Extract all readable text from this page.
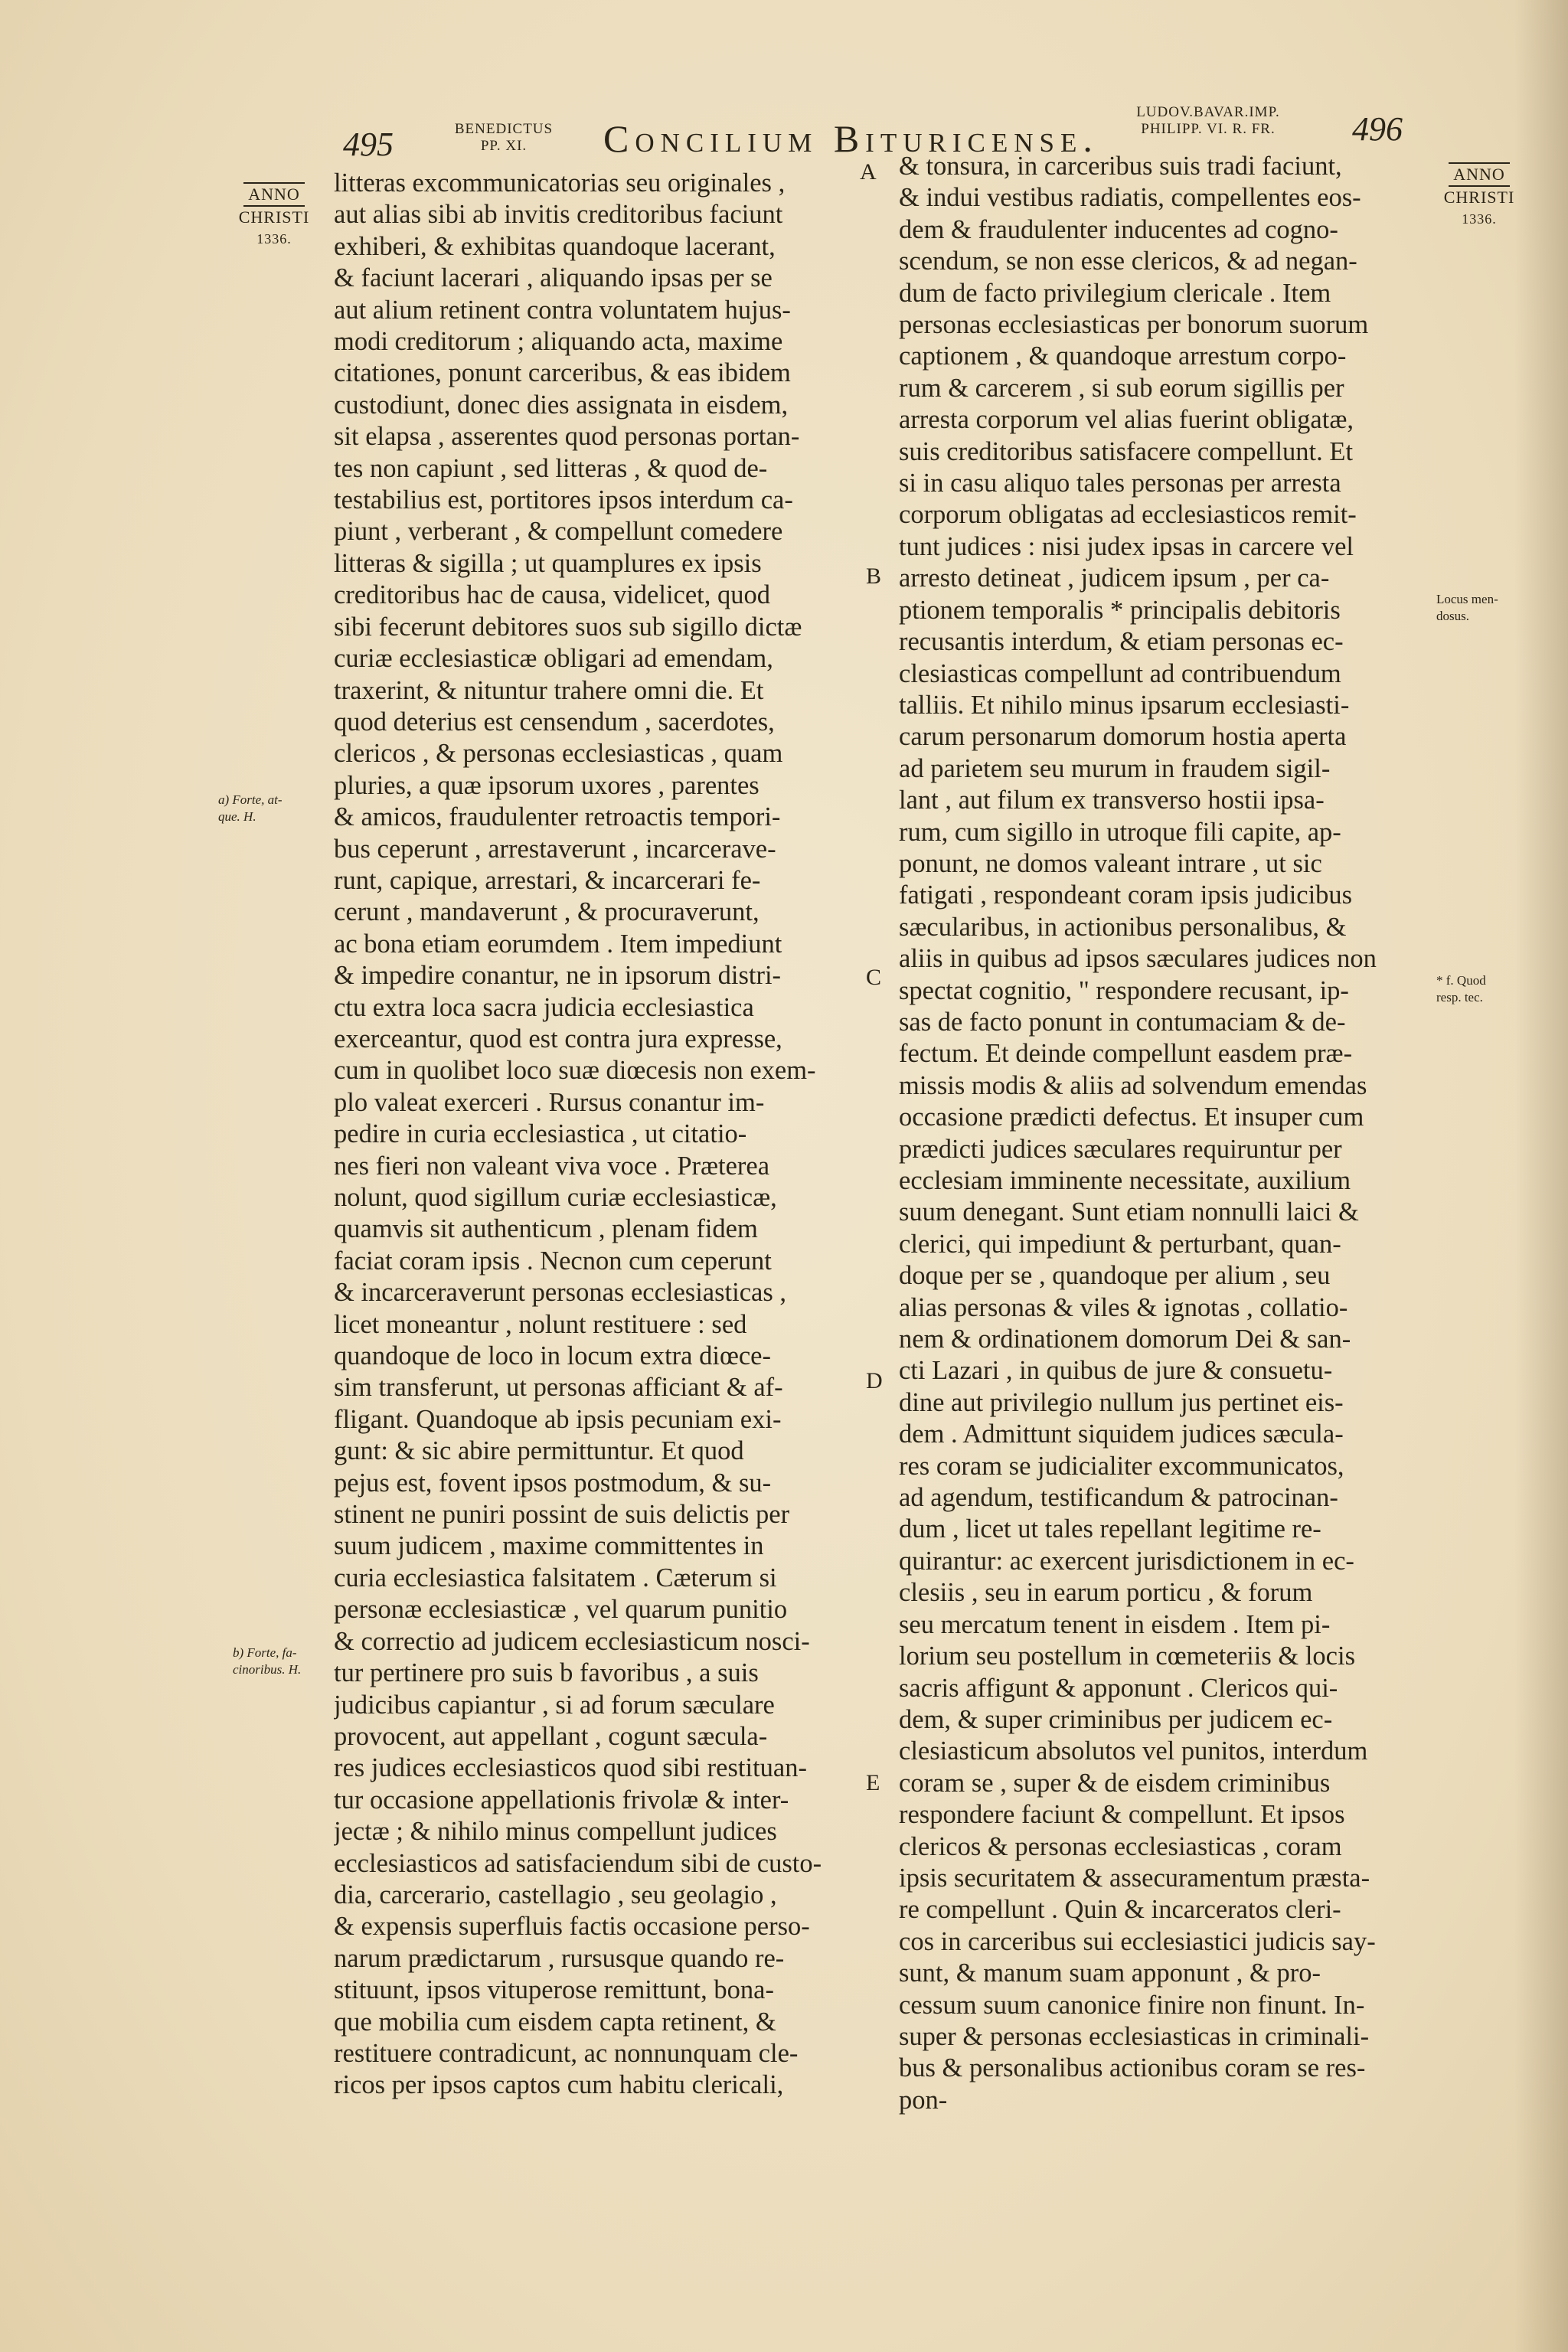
495	BENEDICTUS
PP. XI.	Concilium Bituricense.
LUDOV.BAVAR.IMP.
PHILIPP. VI. R. FR.	496
ANNO
CHRISTI
1336.
a) Forte, at-
que. H.
b) Forte, fa-
cinoribus. H.
A
B
C
D
E

litteras excommunicatorias seu originales ,

aut alias sibi ab invitis creditoribus faciunt

exhiberi, & exhibitas quandoque lacerant,

& faciunt lacerari , aliquando ipsas per se

aut alium retinent contra voluntatem hujus-

modi creditorum ; aliquando acta, maxime

citationes, ponunt carceribus, & eas ibidem

custodiunt, donec dies assignata in eisdem,

sit elapsa , asserentes quod personas portan-

tes non capiunt , sed litteras , & quod de-

testabilius est, portitores ipsos interdum ca-

piunt , verberant , & compellunt comedere

litteras & sigilla ; ut quamplures ex ipsis

creditoribus hac de causa, videlicet, quod

sibi fecerunt debitores suos sub sigillo dictæ

curiæ ecclesiasticæ obligari ad emendam,

traxerint, & nituntur trahere omni die. Et

quod deterius est censendum , sacerdotes,

clericos , & personas ecclesiasticas , quam

pluries, a quæ ipsorum uxores , parentes

& amicos, fraudulenter retroactis tempori-

bus ceperunt , arrestaverunt , incarcerave-

runt, capique, arrestari, & incarcerari fe-

cerunt , mandaverunt , & procuraverunt,

ac bona etiam eorumdem . Item impediunt

& impedire conantur, ne in ipsorum distri-

ctu extra loca sacra judicia ecclesiastica

exerceantur, quod est contra jura expresse,

cum in quolibet loco suæ diœcesis non exem-

plo valeat exerceri . Rursus conantur im-

pedire in curia ecclesiastica , ut citatio-

nes fieri non valeant viva voce . Præterea

nolunt, quod sigillum curiæ ecclesiasticæ,

quamvis sit authenticum , plenam fidem

faciat coram ipsis . Necnon cum ceperunt

& incarceraverunt personas ecclesiasticas ,

licet moneantur , nolunt restituere : sed

quandoque de loco in locum extra diœce-

sim transferunt, ut personas afficiant & af-

fligant. Quandoque ab ipsis pecuniam exi-

gunt: & sic abire permittuntur. Et quod

pejus est, fovent ipsos postmodum, & su-

stinent ne puniri possint de suis delictis per

suum judicem , maxime committentes in

curia ecclesiastica falsitatem . Cæterum si

personæ ecclesiasticæ , vel quarum punitio

& correctio ad judicem ecclesiasticum nosci-

tur pertinere pro suis b favoribus , a suis

judicibus capiantur , si ad forum sæculare

provocent, aut appellant , cogunt sæcula-

res judices ecclesiasticos quod sibi restituan-

tur occasione appellationis frivolæ & inter-

jectæ ; & nihilo minus compellunt judices

ecclesiasticos ad satisfaciendum sibi de custo-

dia, carcerario, castellagio , seu geolagio ,

& expensis superfluis factis occasione perso-

narum prædictarum , rursusque quando re-

stituunt, ipsos vituperose remittunt, bona-

que mobilia cum eisdem capta retinent, &

restituere contradicunt, ac nonnunquam cle-

ricos per ipsos captos cum habitu clericali,

& tonsura, in carceribus suis tradi faciunt,

& indui vestibus radiatis, compellentes eos-

dem & fraudulenter inducentes ad cogno-

scendum, se non esse clericos, & ad negan-

dum de facto privilegium clericale . Item

personas ecclesiasticas per bonorum suorum

captionem , & quandoque arrestum corpo-

rum & carcerem , si sub eorum sigillis per

arresta corporum vel alias fuerint obligatæ,

suis creditoribus satisfacere compellunt. Et

si in casu aliquo tales personas per arresta

corporum obligatas ad ecclesiasticos remit-

tunt judices : nisi judex ipsas in carcere vel

arresto detineat , judicem ipsum , per ca-

ptionem temporalis * principalis debitoris

recusantis interdum, & etiam personas ec-

clesiasticas compellunt ad contribuendum

talliis. Et nihilo minus ipsarum ecclesiasti-

carum personarum domorum hostia aperta

ad parietem seu murum in fraudem sigil-

lant , aut filum ex transverso hostii ipsa-

rum, cum sigillo in utroque fili capite, ap-

ponunt, ne domos valeant intrare , ut sic

fatigati , respondeant coram ipsis judicibus

sæcularibus, in actionibus personalibus, &

aliis in quibus ad ipsos sæculares judices non

spectat cognitio, " respondere recusant, ip-

sas de facto ponunt in contumaciam & de-

fectum. Et deinde compellunt easdem præ-

missis modis & aliis ad solvendum emendas

occasione prædicti defectus. Et insuper cum

prædicti judices sæculares requiruntur per

ecclesiam imminente necessitate, auxilium

suum denegant. Sunt etiam nonnulli laici &

clerici, qui impediunt & perturbant, quan-

doque per se , quandoque per alium , seu

alias personas & viles & ignotas , collatio-

nem & ordinationem domorum Dei & san-

cti Lazari , in quibus de jure & consuetu-

dine aut privilegio nullum jus pertinet eis-

dem . Admittunt siquidem judices sæcula-

res coram se judicialiter excommunicatos,

ad agendum, testificandum & patrocinan-

dum , licet ut tales repellant legitime re-

quirantur: ac exercent jurisdictionem in ec-

clesiis , seu in earum porticu , & forum

seu mercatum tenent in eisdem . Item pi-

lorium seu postellum in cœmeteriis & locis

sacris affigunt & apponunt . Clericos qui-

dem, & super criminibus per judicem ec-

clesiasticum absolutos vel punitos, interdum

coram se , super & de eisdem criminibus

respondere faciunt & compellunt. Et ipsos

clericos & personas ecclesiasticas , coram

ipsis securitatem & assecuramentum præsta-

re compellunt . Quin & incarceratos cleri-

cos in carceribus sui ecclesiastici judicis say-

sunt, & manum suam apponunt , & pro-

cessum suum canonice finire non finunt. In-

super & personas ecclesiasticas in criminali-

bus & personalibus actionibus coram se res-

pon-

ANNO
CHRISTI
1336.
Locus men-
dosus.
* f. Quod
resp. tec.
